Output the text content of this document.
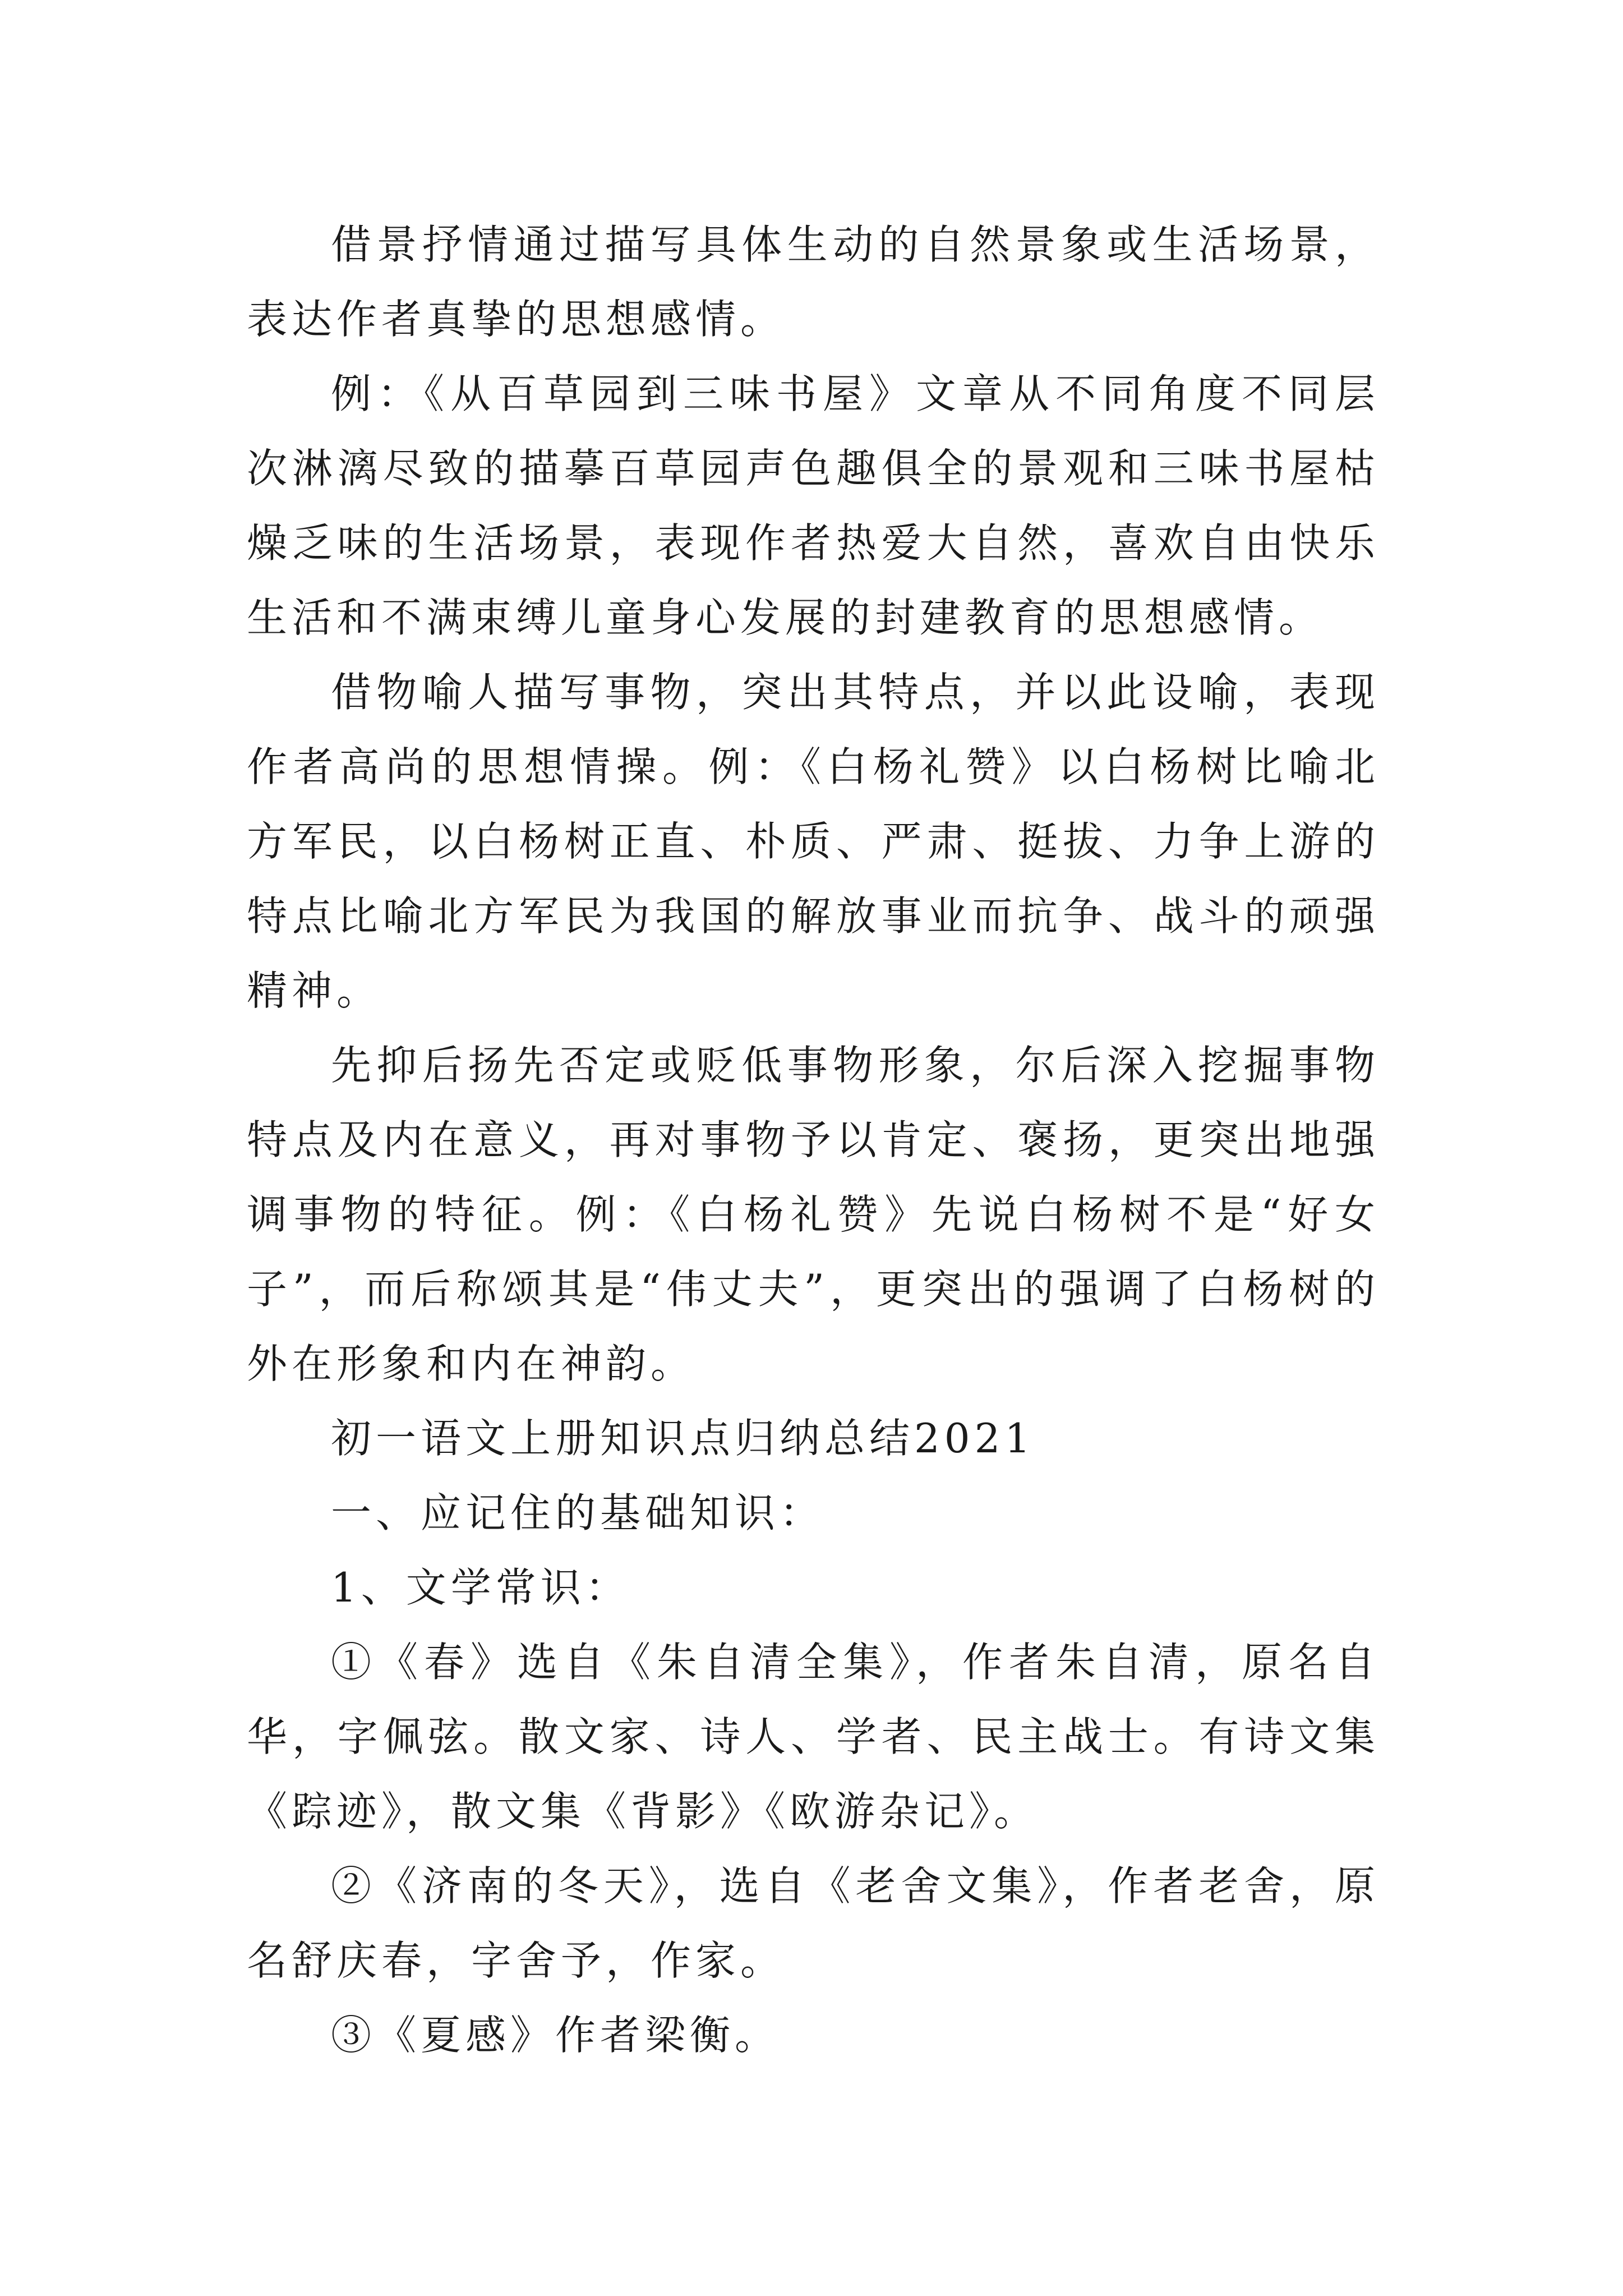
借景抒情通过描写具体生动的自然景象或生活场景，表达作者真挚的思想感情。

例：《从百草园到三味书屋》文章从不同角度不同层次淋漓尽致的描摹百草园声色趣俱全的景观和三味书屋枯燥乏味的生活场景，表现作者热爱大自然，喜欢自由快乐生活和不满束缚儿童身心发展的封建教育的思想感情。

借物喻人描写事物，突出其特点，并以此设喻，表现作者高尚的思想情操。例：《白杨礼赞》以白杨树比喻北方军民，以白杨树正直、朴质、严肃、挺拔、力争上游的特点比喻北方军民为我国的解放事业而抗争、战斗的顽强精神。

先抑后扬先否定或贬低事物形象，尔后深入挖掘事物特点及内在意义，再对事物予以肯定、褒扬，更突出地强调事物的特征。例：《白杨礼赞》先说白杨树不是“好女子”，而后称颂其是“伟丈夫”，更突出的强调了白杨树的外在形象和内在神韵。

初一语文上册知识点归纳总结2021

一、应记住的基础知识：

1、文学常识：

①《春》选自《朱自清全集》，作者朱自清，原名自华，字佩弦。散文家、诗人、学者、民主战士。有诗文集《踪迹》，散文集《背影》《欧游杂记》。

②《济南的冬天》，选自《老舍文集》，作者老舍，原名舒庆春，字舍予，作家。

③《夏感》作者梁衡。
